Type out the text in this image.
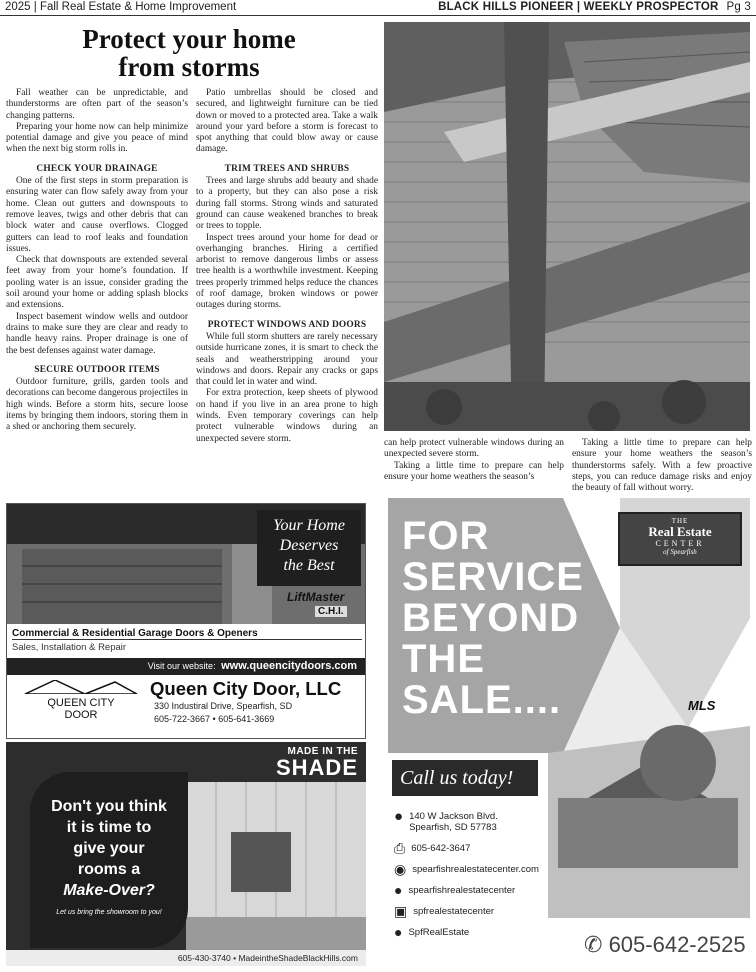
2025 | Fall Real Estate & Home Improvement	BLACK HILLS PIONEER | WEEKLY PROSPECTOR Pg 3
Protect your home
from storms

Fall weather can be unpredictable, and thunderstorms are often part of the season’s changing patterns.

Preparing your home now can help minimize potential damage and give you peace of mind when the next big storm rolls in.

CHECK YOUR DRAINAGE

One of the first steps in storm preparation is ensuring water can flow safely away from your home. Clean out gutters and downspouts to remove leaves, twigs and other debris that can block water and cause overflows. Clogged gutters can lead to roof leaks and foundation issues.

Check that downspouts are extended several feet away from your home’s foundation. If pooling water is an issue, consider grading the soil around your home or adding splash blocks and extensions.

Inspect basement window wells and outdoor drains to make sure they are clear and ready to handle heavy rains. Proper drainage is one of the best defenses against water damage.

SECURE OUTDOOR ITEMS

Outdoor furniture, grills, garden tools and decorations can become dangerous projectiles in high winds. Before a storm hits, secure loose items by bringing them indoors, storing them in a shed or anchoring them securely.

Patio umbrellas should be closed and secured, and lightweight furniture can be tied down or moved to a protected area. Take a walk around your yard before a storm is forecast to spot anything that could blow away or cause damage.

TRIM TREES AND SHRUBS

Trees and large shrubs add beauty and shade to a property, but they can also pose a risk during fall storms. Strong winds and saturated ground can cause weakened branches to break or trees to topple.

Inspect trees around your home for dead or overhanging branches. Hiring a certified arborist to remove dangerous limbs or assess tree health is a worthwhile investment. Keeping trees properly trimmed helps reduce the chances of roof damage, broken windows or power outages during storms.

PROTECT WINDOWS AND DOORS

While full storm shutters are rarely necessary outside hurricane zones, it is smart to check the seals and weatherstripping around your windows and doors. Repair any cracks or gaps that could let in water and wind.

For extra protection, keep sheets of plywood on hand if you live in an area prone to high winds. Even temporary coverings can help protect vulnerable windows during an unexpected severe storm.	Taking a little time to prepare can help ensure your home weathers the season’s thunderstorms safely. With a few proactive steps, you can reduce damage risks and enjoy the beauty of fall without worry.

can help protect vulnerable windows during an unexpected severe storm.

Taking a little time to prepare can help ensure your home weathers the season’s

Your Home
Deserves
the Best
LiftMaster
C.H.I.
Commercial & Residential Garage Doors & Openers
Sales, Installation & Repair
Visit our website: www.queencitydoors.com
QUEEN CITY
DOOR
Queen City Door, LLC
330 Industiral Drive, Spearfish, SD
605-722-3667 • 605-641-3669
MADE IN THE
SHADE
Don't you think
it is time to
give your
rooms a
Make-Over?
Let us bring the showroom to you!
605-430-3740 • MadeintheShadeBlackHills.com
FOR
SERVICE
BEYOND
THE
SALE....
THE
Real Estate
CENTER
of Spearfish
MLS
Call us today!
● 140 W Jackson Blvd.
Spearfish, SD 57783
⎙ 605-642-3647
◉ spearfishrealestatecenter.com
● spearfishrealestatecenter
▣ spfrealestatecenter
● SpfRealEstate	✆ 605-642-2525
